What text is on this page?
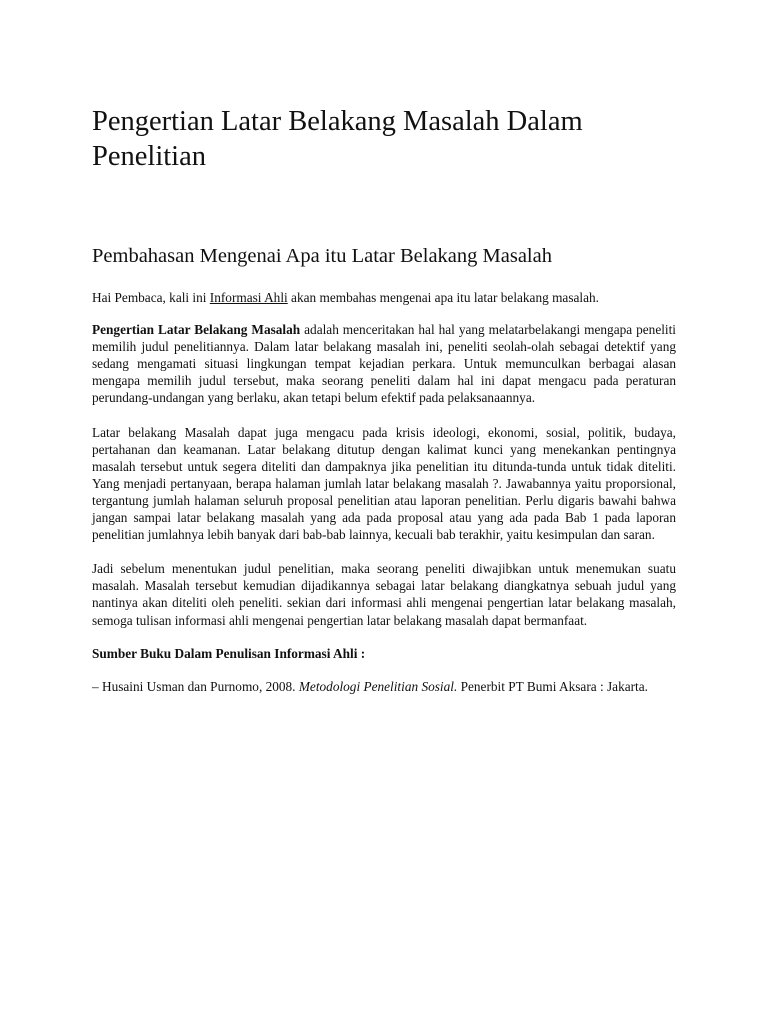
Pengertian Latar Belakang Masalah Dalam Penelitian
Pembahasan Mengenai Apa itu Latar Belakang Masalah

Hai Pembaca, kali ini Informasi Ahli akan membahas mengenai apa itu latar belakang masalah.

Pengertian Latar Belakang Masalah adalah menceritakan hal hal yang melatarbelakangi mengapa peneliti memilih judul penelitiannya. Dalam latar belakang masalah ini, peneliti seolah-olah sebagai detektif yang sedang mengamati situasi lingkungan tempat kejadian perkara. Untuk memunculkan berbagai alasan mengapa memilih judul tersebut, maka seorang peneliti dalam hal ini dapat mengacu pada peraturan perundang-undangan yang berlaku, akan tetapi belum efektif pada pelaksanaannya.

Latar belakang Masalah dapat juga mengacu pada krisis ideologi, ekonomi, sosial, politik, budaya, pertahanan dan keamanan. Latar belakang ditutup dengan kalimat kunci yang menekankan pentingnya masalah tersebut untuk segera diteliti dan dampaknya jika penelitian itu ditunda-tunda untuk tidak diteliti. Yang menjadi pertanyaan, berapa halaman jumlah latar belakang masalah ?. Jawabannya yaitu proporsional, tergantung jumlah halaman seluruh proposal penelitian atau laporan penelitian. Perlu digaris bawahi bahwa jangan sampai latar belakang masalah yang ada pada proposal atau yang ada pada Bab 1 pada laporan penelitian jumlahnya lebih banyak dari bab-bab lainnya, kecuali bab terakhir, yaitu kesimpulan dan saran.

Jadi sebelum menentukan judul penelitian, maka seorang peneliti diwajibkan untuk menemukan suatu masalah. Masalah tersebut kemudian dijadikannya sebagai latar belakang diangkatnya sebuah judul yang nantinya akan diteliti oleh peneliti. sekian dari informasi ahli mengenai pengertian latar belakang masalah, semoga tulisan informasi ahli mengenai pengertian latar belakang masalah dapat bermanfaat.

Sumber Buku Dalam Penulisan Informasi Ahli :

– Husaini Usman dan Purnomo, 2008. Metodologi Penelitian Sosial. Penerbit PT Bumi Aksara : Jakarta.
